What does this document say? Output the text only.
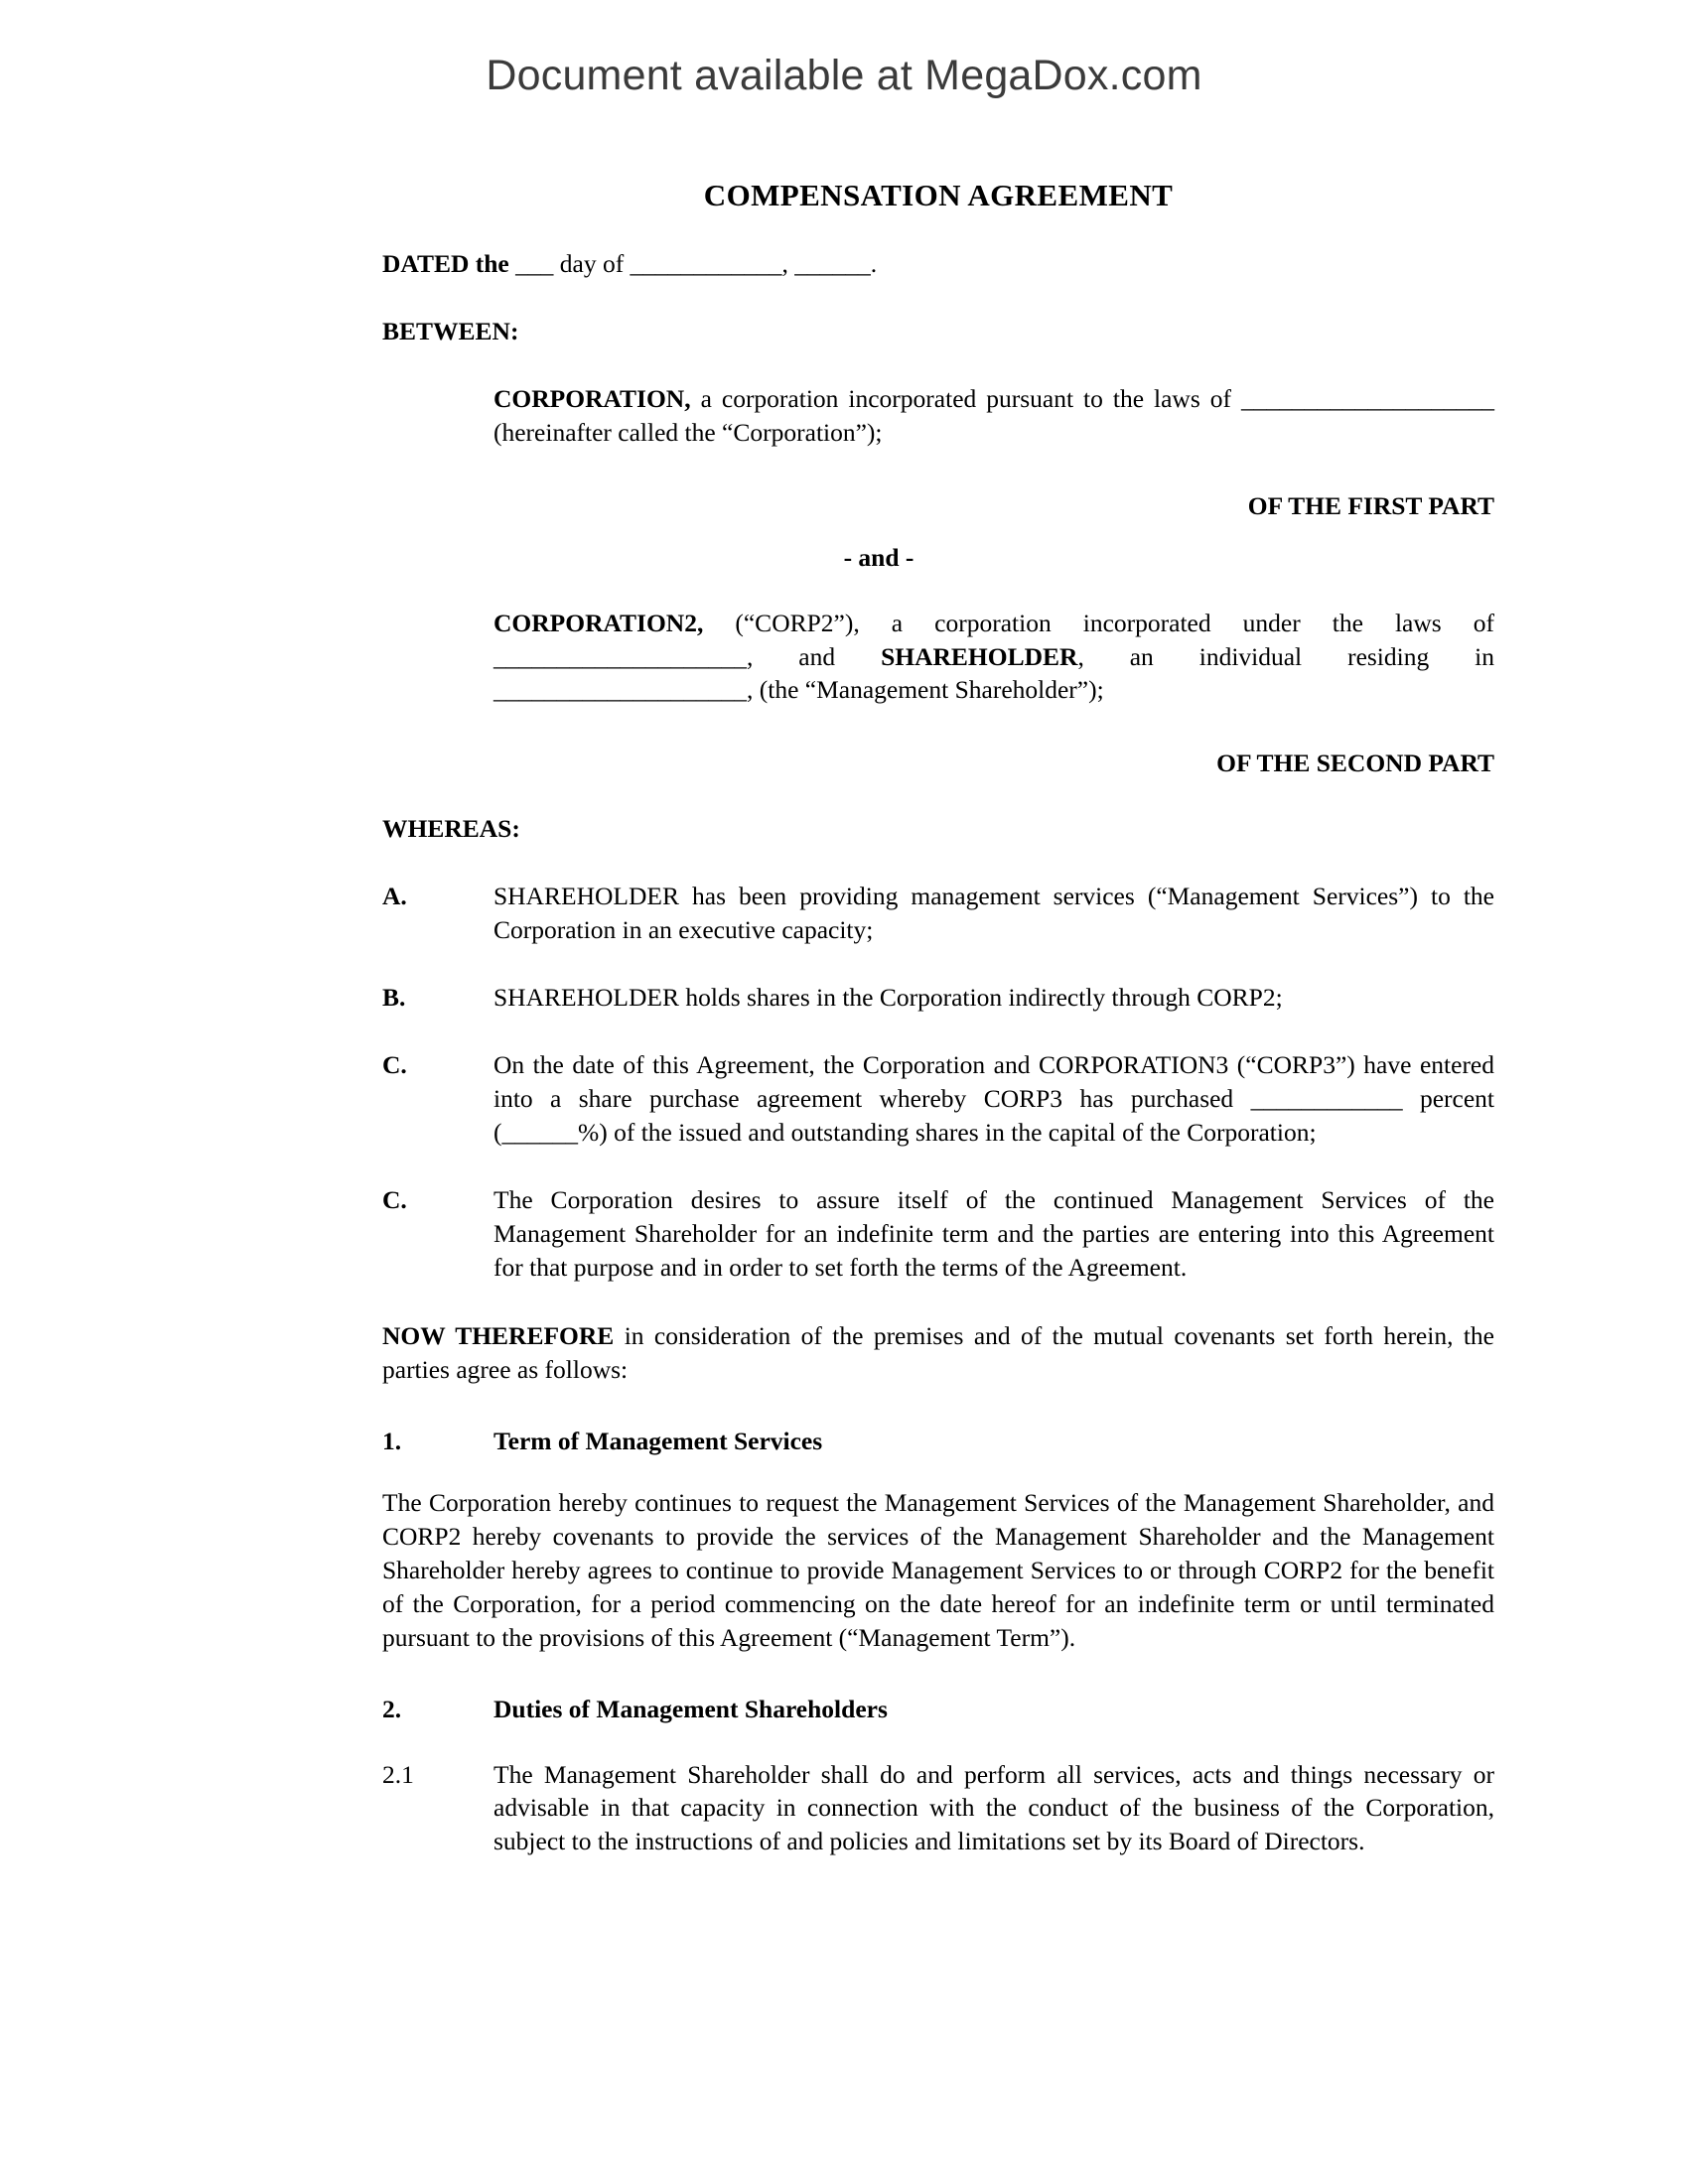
Document available at MegaDox.com
COMPENSATION AGREEMENT
DATED the ___ day of ____________, ______.
BETWEEN:
CORPORATION, a corporation incorporated pursuant to the laws of ____________________ (hereinafter called the “Corporation”);
OF THE FIRST PART
- and -
CORPORATION2, (“CORP2”), a corporation incorporated under the laws of ____________________, and SHAREHOLDER, an individual residing in ____________________, (the “Management Shareholder”);
OF THE SECOND PART
WHEREAS:
A.	SHAREHOLDER has been providing management services (“Management Services”) to the Corporation in an executive capacity;
B.	SHAREHOLDER holds shares in the Corporation indirectly through CORP2;
C.	On the date of this Agreement, the Corporation and CORPORATION3 (“CORP3”) have entered into a share purchase agreement whereby CORP3 has purchased ____________ percent (______%) of the issued and outstanding shares in the capital of the Corporation;
C.	The Corporation desires to assure itself of the continued Management Services of the Management Shareholder for an indefinite term and the parties are entering into this Agreement for that purpose and in order to set forth the terms of the Agreement.
NOW THEREFORE in consideration of the premises and of the mutual covenants set forth herein, the parties agree as follows:
1.	Term of Management Services
The Corporation hereby continues to request the Management Services of the Management Shareholder, and CORP2 hereby covenants to provide the services of the Management Shareholder and the Management Shareholder hereby agrees to continue to provide Management Services to or through CORP2 for the benefit of the Corporation, for a period commencing on the date hereof for an indefinite term or until terminated pursuant to the provisions of this Agreement (“Management Term”).
2.	Duties of Management Shareholders
2.1	The Management Shareholder shall do and perform all services, acts and things necessary or advisable in that capacity in connection with the conduct of the business of the Corporation, subject to the instructions of and policies and limitations set by its Board of Directors.
